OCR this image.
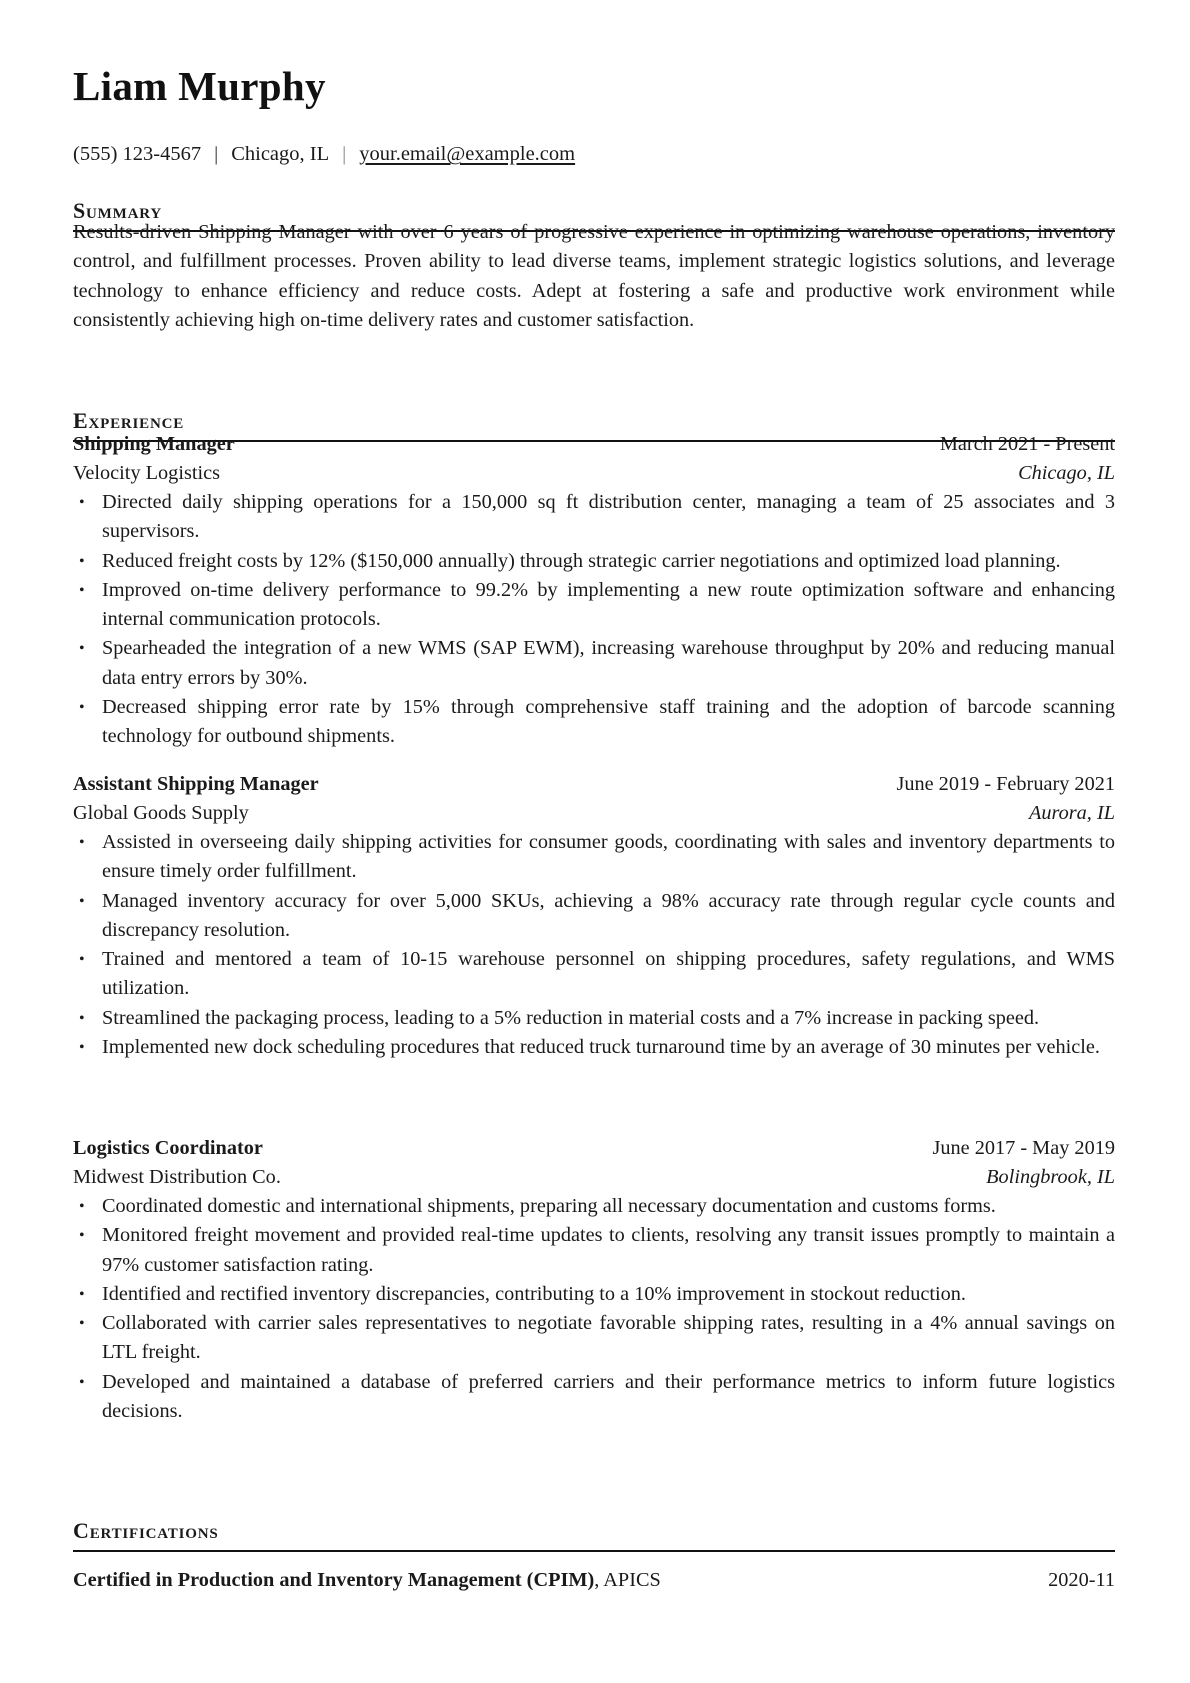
Liam Murphy
(555) 123-4567 | Chicago, IL | your.email@example.com
Summary
Results-driven Shipping Manager with over 6 years of progressive experience in optimizing warehouse operations, inventory control, and fulfillment processes. Proven ability to lead diverse teams, implement strategic logistics solutions, and leverage technology to enhance efficiency and reduce costs. Adept at fostering a safe and productive work environment while consistently achieving high on-time delivery rates and customer satisfaction.
Experience
Shipping Manager	March 2021 - Present
Velocity Logistics	Chicago, IL
• Directed daily shipping operations for a 150,000 sq ft distribution center, managing a team of 25 associates and 3 supervisors.
• Reduced freight costs by 12% ($150,000 annually) through strategic carrier negotiations and optimized load planning.
• Improved on-time delivery performance to 99.2% by implementing a new route optimization software and enhancing internal communication protocols.
• Spearheaded the integration of a new WMS (SAP EWM), increasing warehouse throughput by 20% and reducing manual data entry errors by 30%.
• Decreased shipping error rate by 15% through comprehensive staff training and the adoption of barcode scanning technology for outbound shipments.
Assistant Shipping Manager	June 2019 - February 2021
Global Goods Supply	Aurora, IL
• Assisted in overseeing daily shipping activities for consumer goods, coordinating with sales and inventory departments to ensure timely order fulfillment.
• Managed inventory accuracy for over 5,000 SKUs, achieving a 98% accuracy rate through regular cycle counts and discrepancy resolution.
• Trained and mentored a team of 10-15 warehouse personnel on shipping procedures, safety regulations, and WMS utilization.
• Streamlined the packaging process, leading to a 5% reduction in material costs and a 7% increase in packing speed.
• Implemented new dock scheduling procedures that reduced truck turnaround time by an average of 30 minutes per vehicle.
Logistics Coordinator	June 2017 - May 2019
Midwest Distribution Co.	Bolingbrook, IL
• Coordinated domestic and international shipments, preparing all necessary documentation and customs forms.
• Monitored freight movement and provided real-time updates to clients, resolving any transit issues promptly to maintain a 97% customer satisfaction rating.
• Identified and rectified inventory discrepancies, contributing to a 10% improvement in stockout reduction.
• Collaborated with carrier sales representatives to negotiate favorable shipping rates, resulting in a 4% annual savings on LTL freight.
• Developed and maintained a database of preferred carriers and their performance metrics to inform future logistics decisions.
Certifications
Certified in Production and Inventory Management (CPIM), APICS	2020-11
